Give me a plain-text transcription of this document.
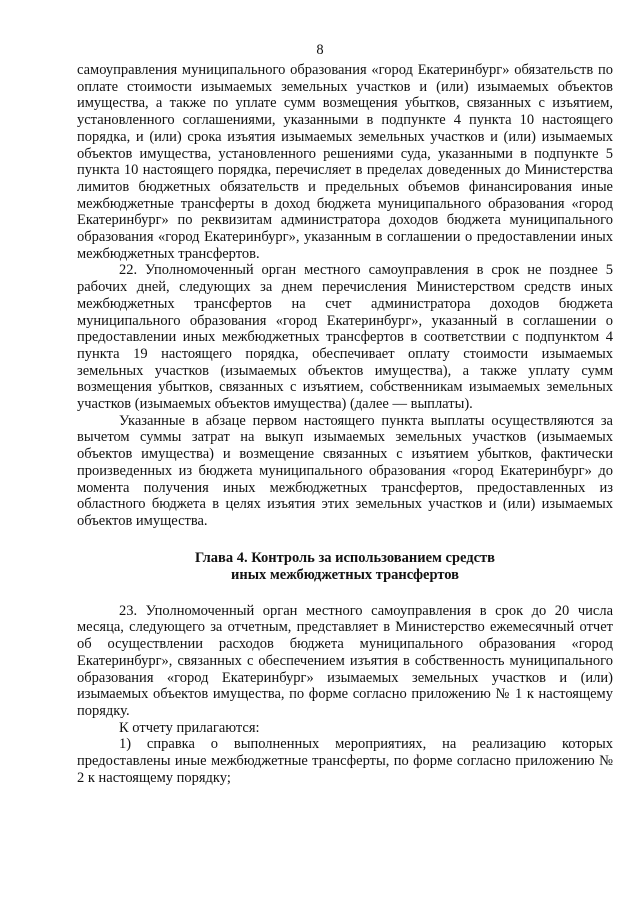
8

самоуправления муниципального образования «город Екатеринбург» обязательств по оплате стоимости изымаемых земельных участков и (или) изымаемых объектов имущества, а также по уплате сумм возмещения убытков, связанных с изъятием, установленного соглашениями, указанными в подпункте 4 пункта 10 настоящего порядка, и (или) срока изъятия изымаемых земельных участков и (или) изымаемых объектов имущества, установленного решениями суда, указанными в подпункте 5 пункта 10 настоящего порядка, перечисляет в пределах доведенных до Министерства лимитов бюджетных обязательств и предельных объемов финансирования иные межбюджетные трансферты в доход бюджета муниципального образования «город Екатеринбург» по реквизитам администратора доходов бюджета муниципального образования «город Екатеринбург», указанным в соглашении о предоставлении иных межбюджетных трансфертов.

22. Уполномоченный орган местного самоуправления в срок не позднее 5 рабочих дней, следующих за днем перечисления Министерством средств иных межбюджетных трансфертов на счет администратора доходов бюджета муниципального образования «город Екатеринбург», указанный в соглашении о предоставлении иных межбюджетных трансфертов в соответствии с подпунктом 4 пункта 19 настоящего порядка, обеспечивает оплату стоимости изымаемых земельных участков (изымаемых объектов имущества), а также уплату сумм возмещения убытков, связанных с изъятием, собственникам изымаемых земельных участков (изымаемых объектов имущества) (далее — выплаты).

Указанные в абзаце первом настоящего пункта выплаты осуществляются за вычетом суммы затрат на выкуп изымаемых земельных участков (изымаемых объектов имущества) и возмещение связанных с изъятием убытков, фактически произведенных из бюджета муниципального образования «город Екатеринбург» до момента получения иных межбюджетных трансфертов, предоставленных из областного бюджета в целях изъятия этих земельных участков и (или) изымаемых объектов имущества.

Глава 4. Контроль за использованием средств
иных межбюджетных трансфертов

23. Уполномоченный орган местного самоуправления в срок до 20 числа месяца, следующего за отчетным, представляет в Министерство ежемесячный отчет об осуществлении расходов бюджета муниципального образования «город Екатеринбург», связанных с обеспечением изъятия в собственность муниципального образования «город Екатеринбург» изымаемых земельных участков и (или) изымаемых объектов имущества, по форме согласно приложению № 1 к настоящему порядку.

К отчету прилагаются:

1) справка о выполненных мероприятиях, на реализацию которых предоставлены иные межбюджетные трансферты, по форме согласно приложению № 2 к настоящему порядку;
